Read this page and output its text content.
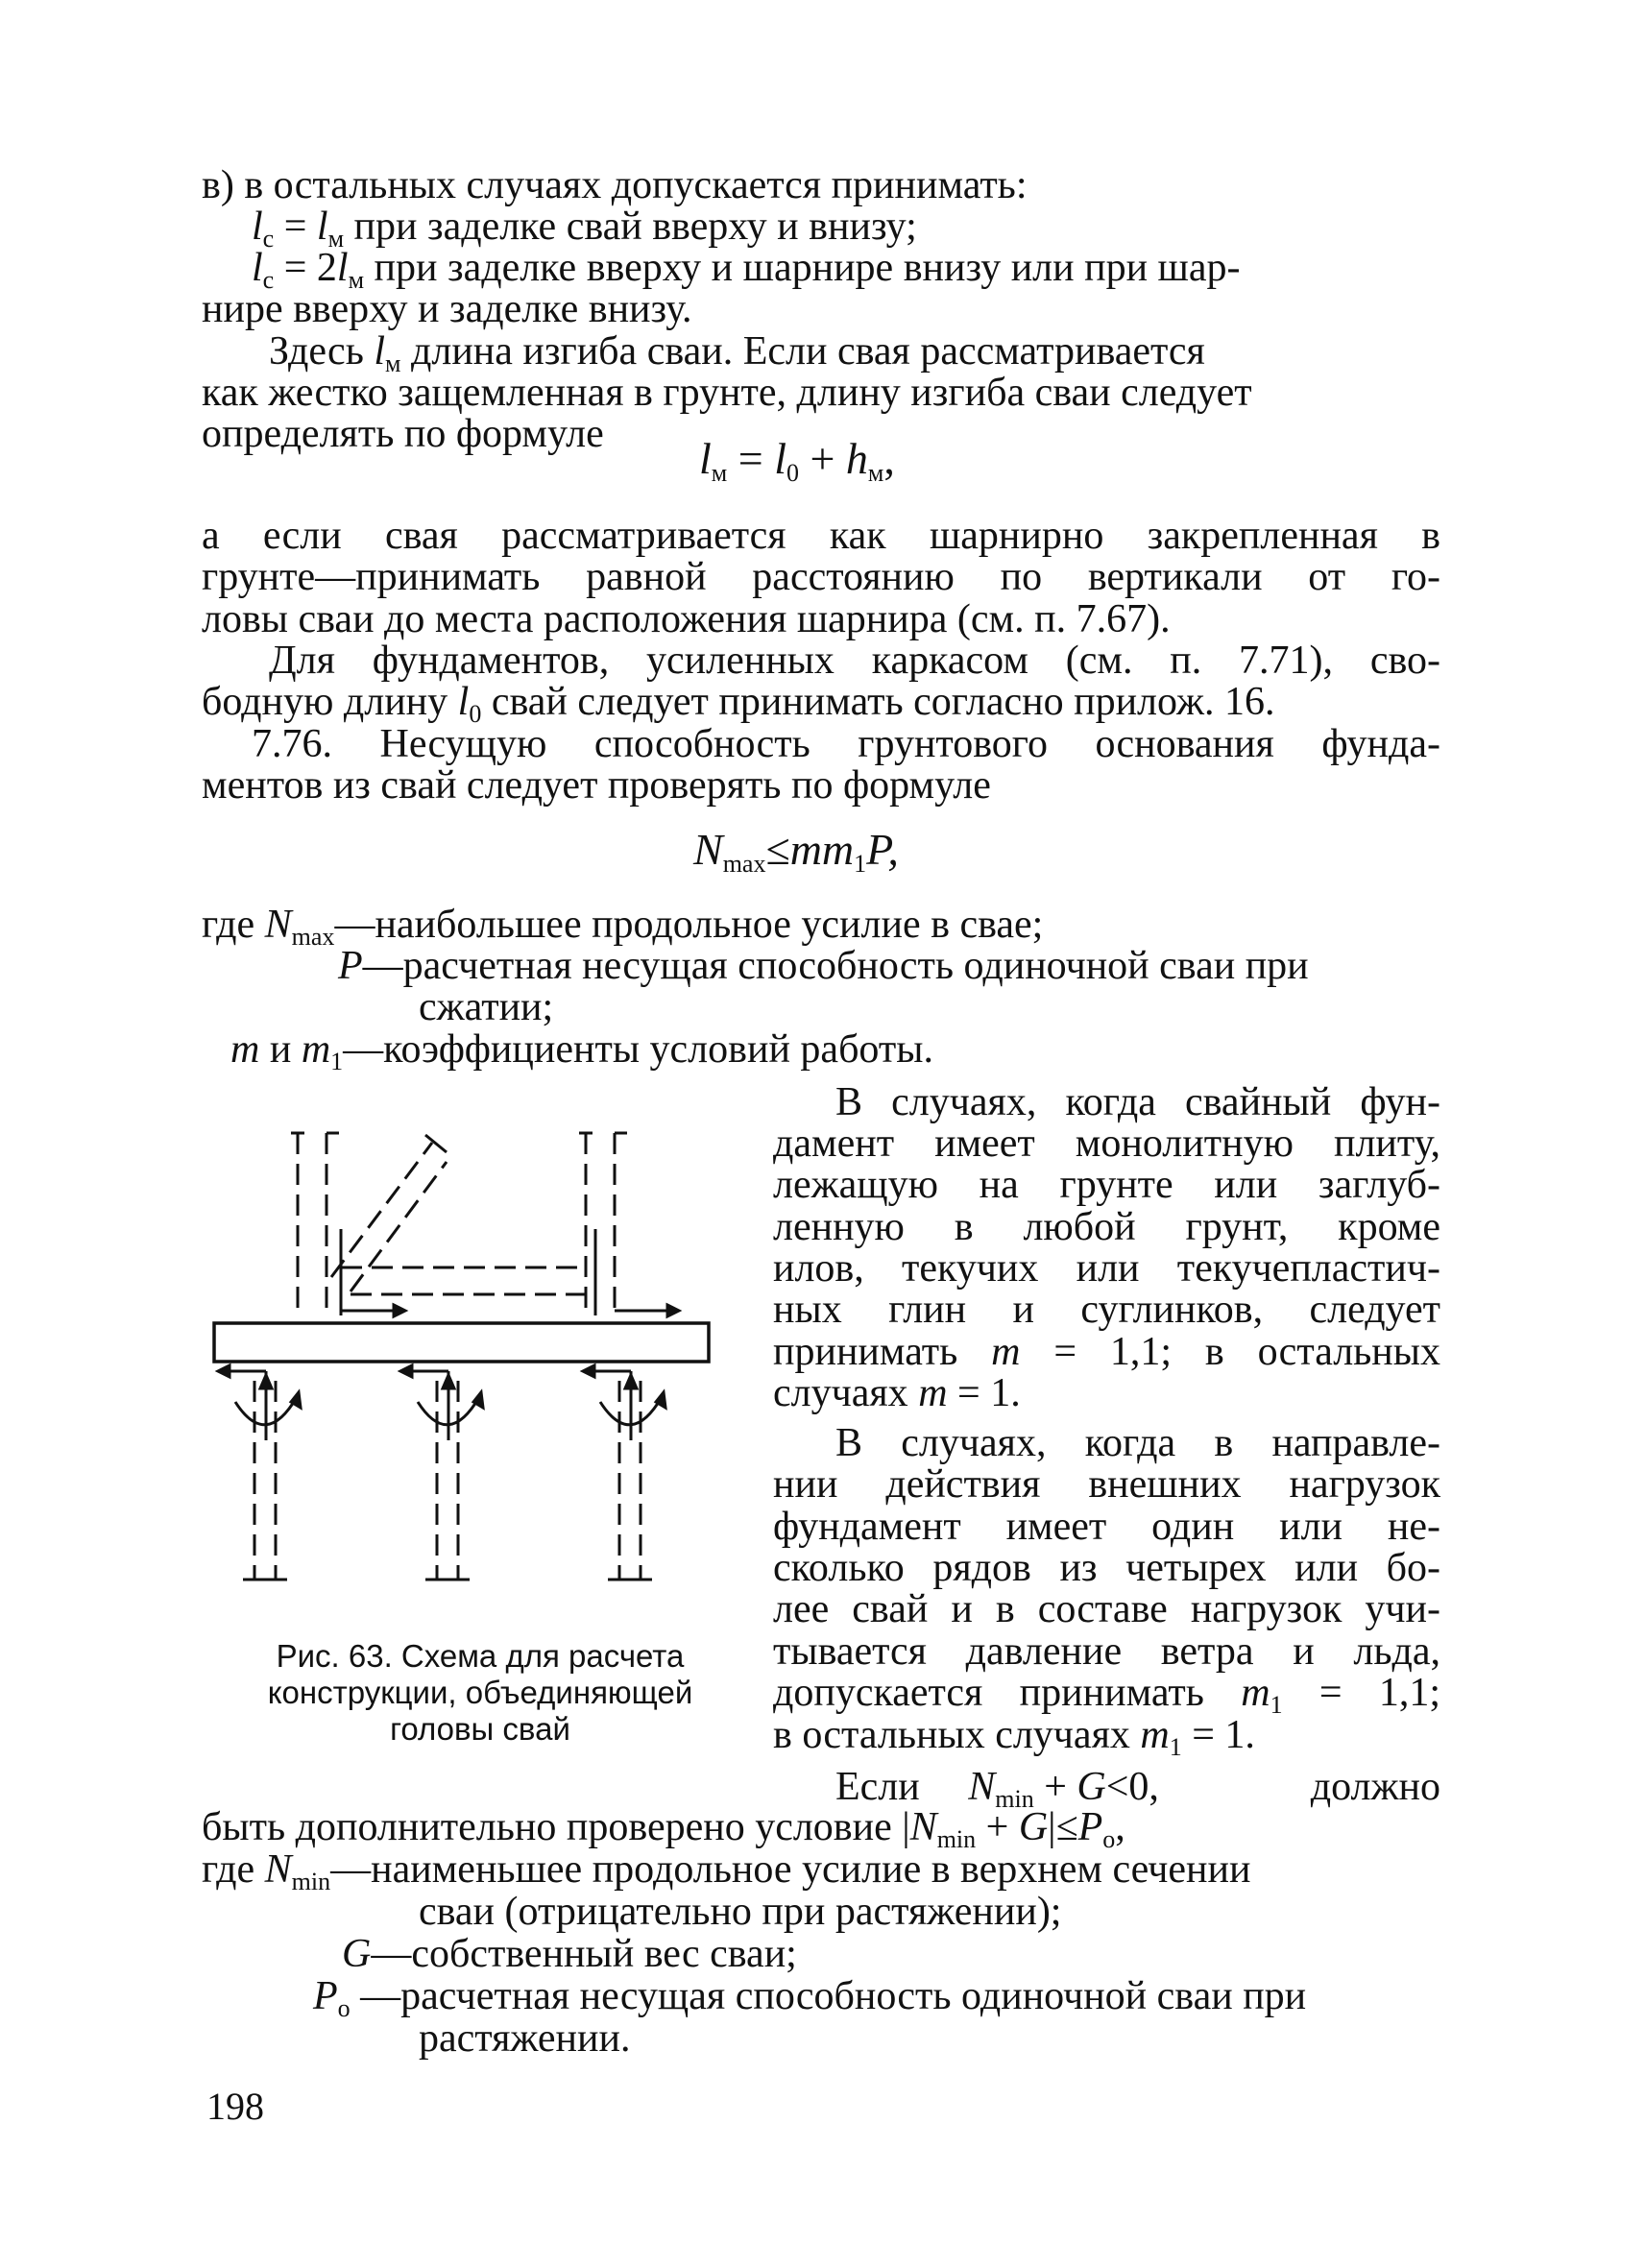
в) в остальных случаях допускается принимать:
$l_с = l_м$ при заделке свай вверху и внизу;
$l_с = 2l_м$ при заделке вверху и шарнире внизу или при шар-
нире вверху и заделке внизу.
Здесь $l_м$ длина изгиба сваи. Если свая рассматривается
как жестко защемленная в грунте, длину изгиба сваи следует
определять по формуле	$l_м = l_0 + h_м$,
а если свая рассматривается как шарнирно закрепленная в
грунте—принимать равной расстоянию по вертикали от го-
ловы сваи до места расположения шарнира (см. п. 7.67).
Для фундаментов, усиленных каркасом (см. п. 7.71), сво-
бодную длину $l_0$ свай следует принимать согласно прилож. 16.
7.76. Несущую способность грунтового основания фунда-
ментов из свай следует проверять по формуле
$N_{max}\le mm_1P$,
где $N_{max}—наибольшее$ продольное усилие в свае;
P—расчетная несущая способность одиночной сваи при
сжатии;
m и $m_1—коэффициенты$ условий работы.
В случаях, когда свайный фун-
дамент имеет монолитную плиту,
лежащую на грунте или заглуб-
ленную в любой грунт, кроме
илов, текучих или текучепластич-
ных глин и суглинков, следует
принимать m = 1,1; в остальных
случаях m = 1.
В случаях, когда в направле-
нии действия внешних нагрузок
фундамент имеет один или не-
сколько рядов из четырех или бо-
лее свай и в составе нагрузок учи-
тывается давление ветра и льда,
допускается принимать $m_1 = 1,1$;
в остальных случаях $m_1 = 1$.
Если $N_{min} + G<0$,	должно
быть дополнительно проверено условие $|N_{min} + G|\le P_o$,
где $N_{min}—наименьшее$ продольное усилие в верхнем сечении
сваи (отрицательно при растяжении);
G—собственный вес сваи;
$P_o$ —расчетная несущая способность одиночной сваи при
растяжении.
Рис. 63. Схема для расчета
конструкции, объединяющей
головы свай
198
